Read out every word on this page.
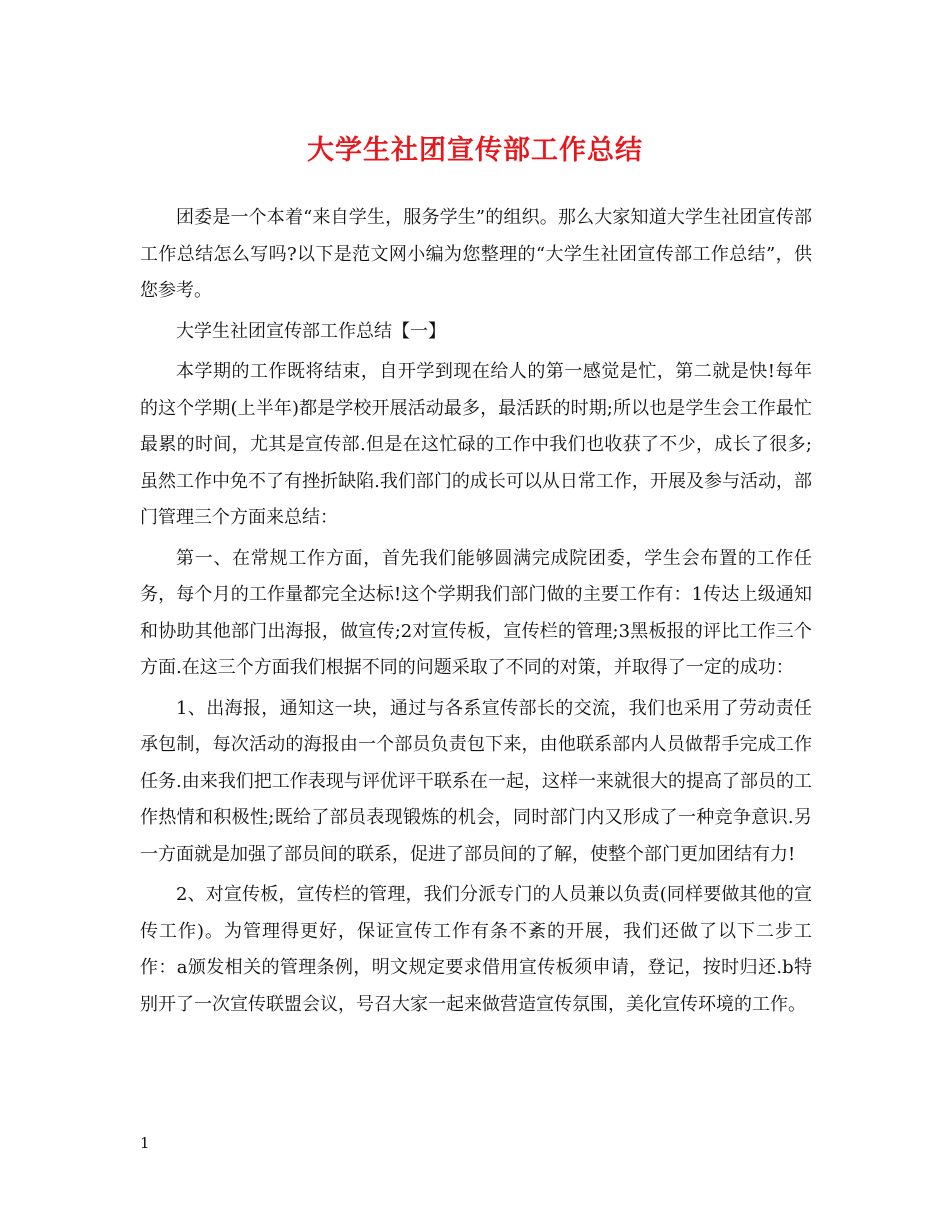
大学生社团宣传部工作总结

团委是一个本着“来自学生，服务学生”的组织。那么大家知道大学生社团宣传部工作总结怎么写吗?以下是范文网小编为您整理的“大学生社团宣传部工作总结”，供您参考。

大学生社团宣传部工作总结【一】

本学期的工作既将结束，自开学到现在给人的第一感觉是忙，第二就是快!每年的这个学期(上半年)都是学校开展活动最多，最活跃的时期;所以也是学生会工作最忙最累的时间，尤其是宣传部.但是在这忙碌的工作中我们也收获了不少，成长了很多;虽然工作中免不了有挫折缺陷.我们部门的成长可以从日常工作，开展及参与活动，部门管理三个方面来总结：

第一、在常规工作方面，首先我们能够圆满完成院团委，学生会布置的工作任务，每个月的工作量都完全达标!这个学期我们部门做的主要工作有：1传达上级通知和协助其他部门出海报，做宣传;2对宣传板，宣传栏的管理;3黑板报的评比工作三个方面.在这三个方面我们根据不同的问题采取了不同的对策，并取得了一定的成功：

1、出海报，通知这一块，通过与各系宣传部长的交流，我们也采用了劳动责任承包制，每次活动的海报由一个部员负责包下来，由他联系部内人员做帮手完成工作任务.由来我们把工作表现与评优评干联系在一起，这样一来就很大的提高了部员的工作热情和积极性;既给了部员表现锻炼的机会，同时部门内又形成了一种竞争意识.另一方面就是加强了部员间的联系，促进了部员间的了解，使整个部门更加团结有力!

2、对宣传板，宣传栏的管理，我们分派专门的人员兼以负责(同样要做其他的宣传工作)。为管理得更好，保证宣传工作有条不紊的开展，我们还做了以下二步工作：a颁发相关的管理条例，明文规定要求借用宣传板须申请，登记，按时归还.b特别开了一次宣传联盟会议，号召大家一起来做营造宣传氛围，美化宣传环境的工作。

1
